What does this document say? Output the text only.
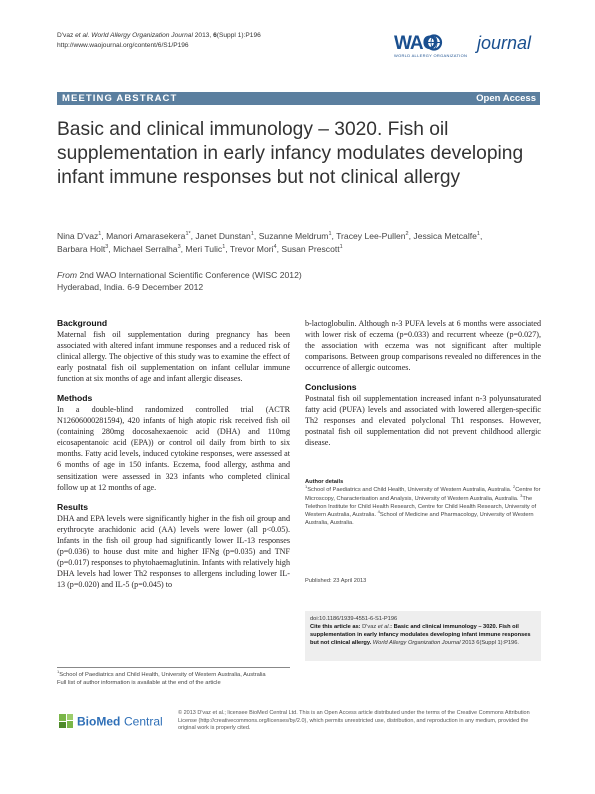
D'vaz et al. World Allergy Organization Journal 2013, 6(Suppl 1):P196
http://www.waojournal.org/content/6/S1/P196	WAO journal
WORLD ALLERGY ORGANIZATION
MEETING ABSTRACT	Open Access
Basic and clinical immunology – 3020. Fish oil supplementation in early infancy modulates developing infant immune responses but not clinical allergy
Nina D'vaz$^1$, Manori Amarasekera$^{1*}$, Janet Dunstan$^1$, Suzanne Meldrum$^1$, Tracey Lee-Pullen$^2$, Jessica Metcalfe$^1$,
Barbara Holt$^3$, Michael Serralha$^3$, Meri Tulic$^1$, Trevor Mori$^4$, Susan Prescott$^1$
From 2nd WAO International Scientific Conference (WISC 2012)
Hyderabad, India. 6-9 December 2012
Background

Maternal fish oil supplementation during pregnancy has been associated with altered infant immune responses and a reduced risk of clinical allergy. The objective of this study was to examine the effect of early postnatal fish oil supplementation on infant cellular immune function at six months of age and infant allergic diseases.

Methods

In a double-blind randomized controlled trial (ACTR N12606000281594), 420 infants of high atopic risk received fish oil (containing 280mg docosahexaenoic acid (DHA) and 110mg eicosapentanoic acid (EPA)) or control oil daily from birth to six months. Fatty acid levels, induced cytokine responses, were assessed at 6 months of age in 150 infants. Eczema, food allergy, asthma and sensitization were assessed in 323 infants who completed clinical follow up at 12 months of age.

Results

DHA and EPA levels were significantly higher in the fish oil group and erythrocyte arachidonic acid (AA) levels were lower (all p<0.05). Infants in the fish oil group had significantly lower IL-13 responses (p=0.036) to house dust mite and higher IFNg (p=0.035) and TNF (p=0.017) responses to phytohaemaglutinin. Infants with relatively high DHA levels had lower Th2 responses to allergens including lower IL-13 (p=0.020) and IL-5 (p=0.045) to

b-lactoglobulin. Although n-3 PUFA levels at 6 months were associated with lower risk of eczema (p=0.033) and recurrent wheeze (p=0.027), the association with eczema was not significant after multiple comparisons. Between group comparisons revealed no differences in the occurrence of allergic outcomes.

Conclusions

Postnatal fish oil supplementation increased infant n-3 polyunsaturated fatty acid (PUFA) levels and associated with lowered allergen-specific Th2 responses and elevated polyclonal Th1 responses. However, postnatal fish oil supplementation did not prevent childhood allergic disease.

Author details
$^1$School of Paediatrics and Child Health, University of Western Australia, Australia. $^2$Centre for Microscopy, Characterisation and Analysis, University of Western Australia, Australia. $^3$The Telethon Institute for Child Health Research, Centre for Child Health Research, University of Western Australia, Australia. $^4$School of Medicine and Pharmacology, University of Western Australia, Australia.
Published: 23 April 2013
doi:10.1186/1939-4551-6-S1-P196
Cite this article as: D'vaz et al.: Basic and clinical immunology – 3020. Fish oil supplementation in early infancy modulates developing infant immune responses but not clinical allergy. World Allergy Organization Journal 2013 6(Suppl 1):P196.
$^1$School of Paediatrics and Child Health, University of Western Australia, Australia
Full list of author information is available at the end of the article
BioMed Central
© 2013 D'vaz et al.; licensee BioMed Central Ltd. This is an Open Access article distributed under the terms of the Creative Commons Attribution License (http://creativecommons.org/licenses/by/2.0), which permits unrestricted use, distribution, and reproduction in any medium, provided the original work is properly cited.
